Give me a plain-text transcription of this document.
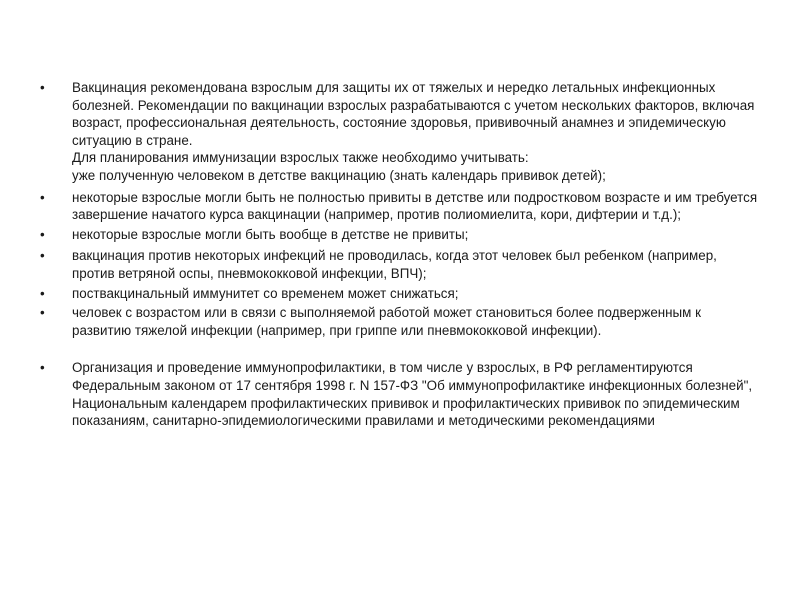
•	Вакцинация рекомендована взрослым для защиты их от тяжелых и нередко летальных инфекционных болезней. Рекомендации по вакцинации взрослых разрабатываются с учетом нескольких факторов, включая возраст, профессиональная деятельность, состояние здоровья, прививочный анамнез и эпидемическую ситуацию в стране.

Для планирования иммунизации взрослых также необходимо учитывать:

уже полученную человеком в детстве вакцинацию (знать календарь прививок детей);

•	некоторые взрослые могли быть не полностью привиты в детстве или подростковом возрасте и им требуется завершение начатого курса вакцинации (например, против полиомиелита, кори, дифтерии и т.д.);

•	некоторые взрослые могли быть вообще в детстве не привиты;

•	вакцинация против некоторых инфекций не проводилась, когда этот человек был ребенком (например, против ветряной оспы, пневмококковой инфекции, ВПЧ);

•	поствакцинальный иммунитет со временем может снижаться;

•	человек с возрастом или в связи с выполняемой работой может становиться более подверженным к развитию тяжелой инфекции (например, при гриппе или пневмококковой инфекции).

•	Организация и проведение иммунопрофилактики, в том числе у взрослых, в РФ регламентируются Федеральным законом от 17 сентября 1998 г. N 157-ФЗ "Об иммунопрофилактике инфекционных болезней", Национальным календарем профилактических прививок и профилактических прививок по эпидемическим показаниям, санитарно-эпидемиологическими правилами и методическими рекомендациями
